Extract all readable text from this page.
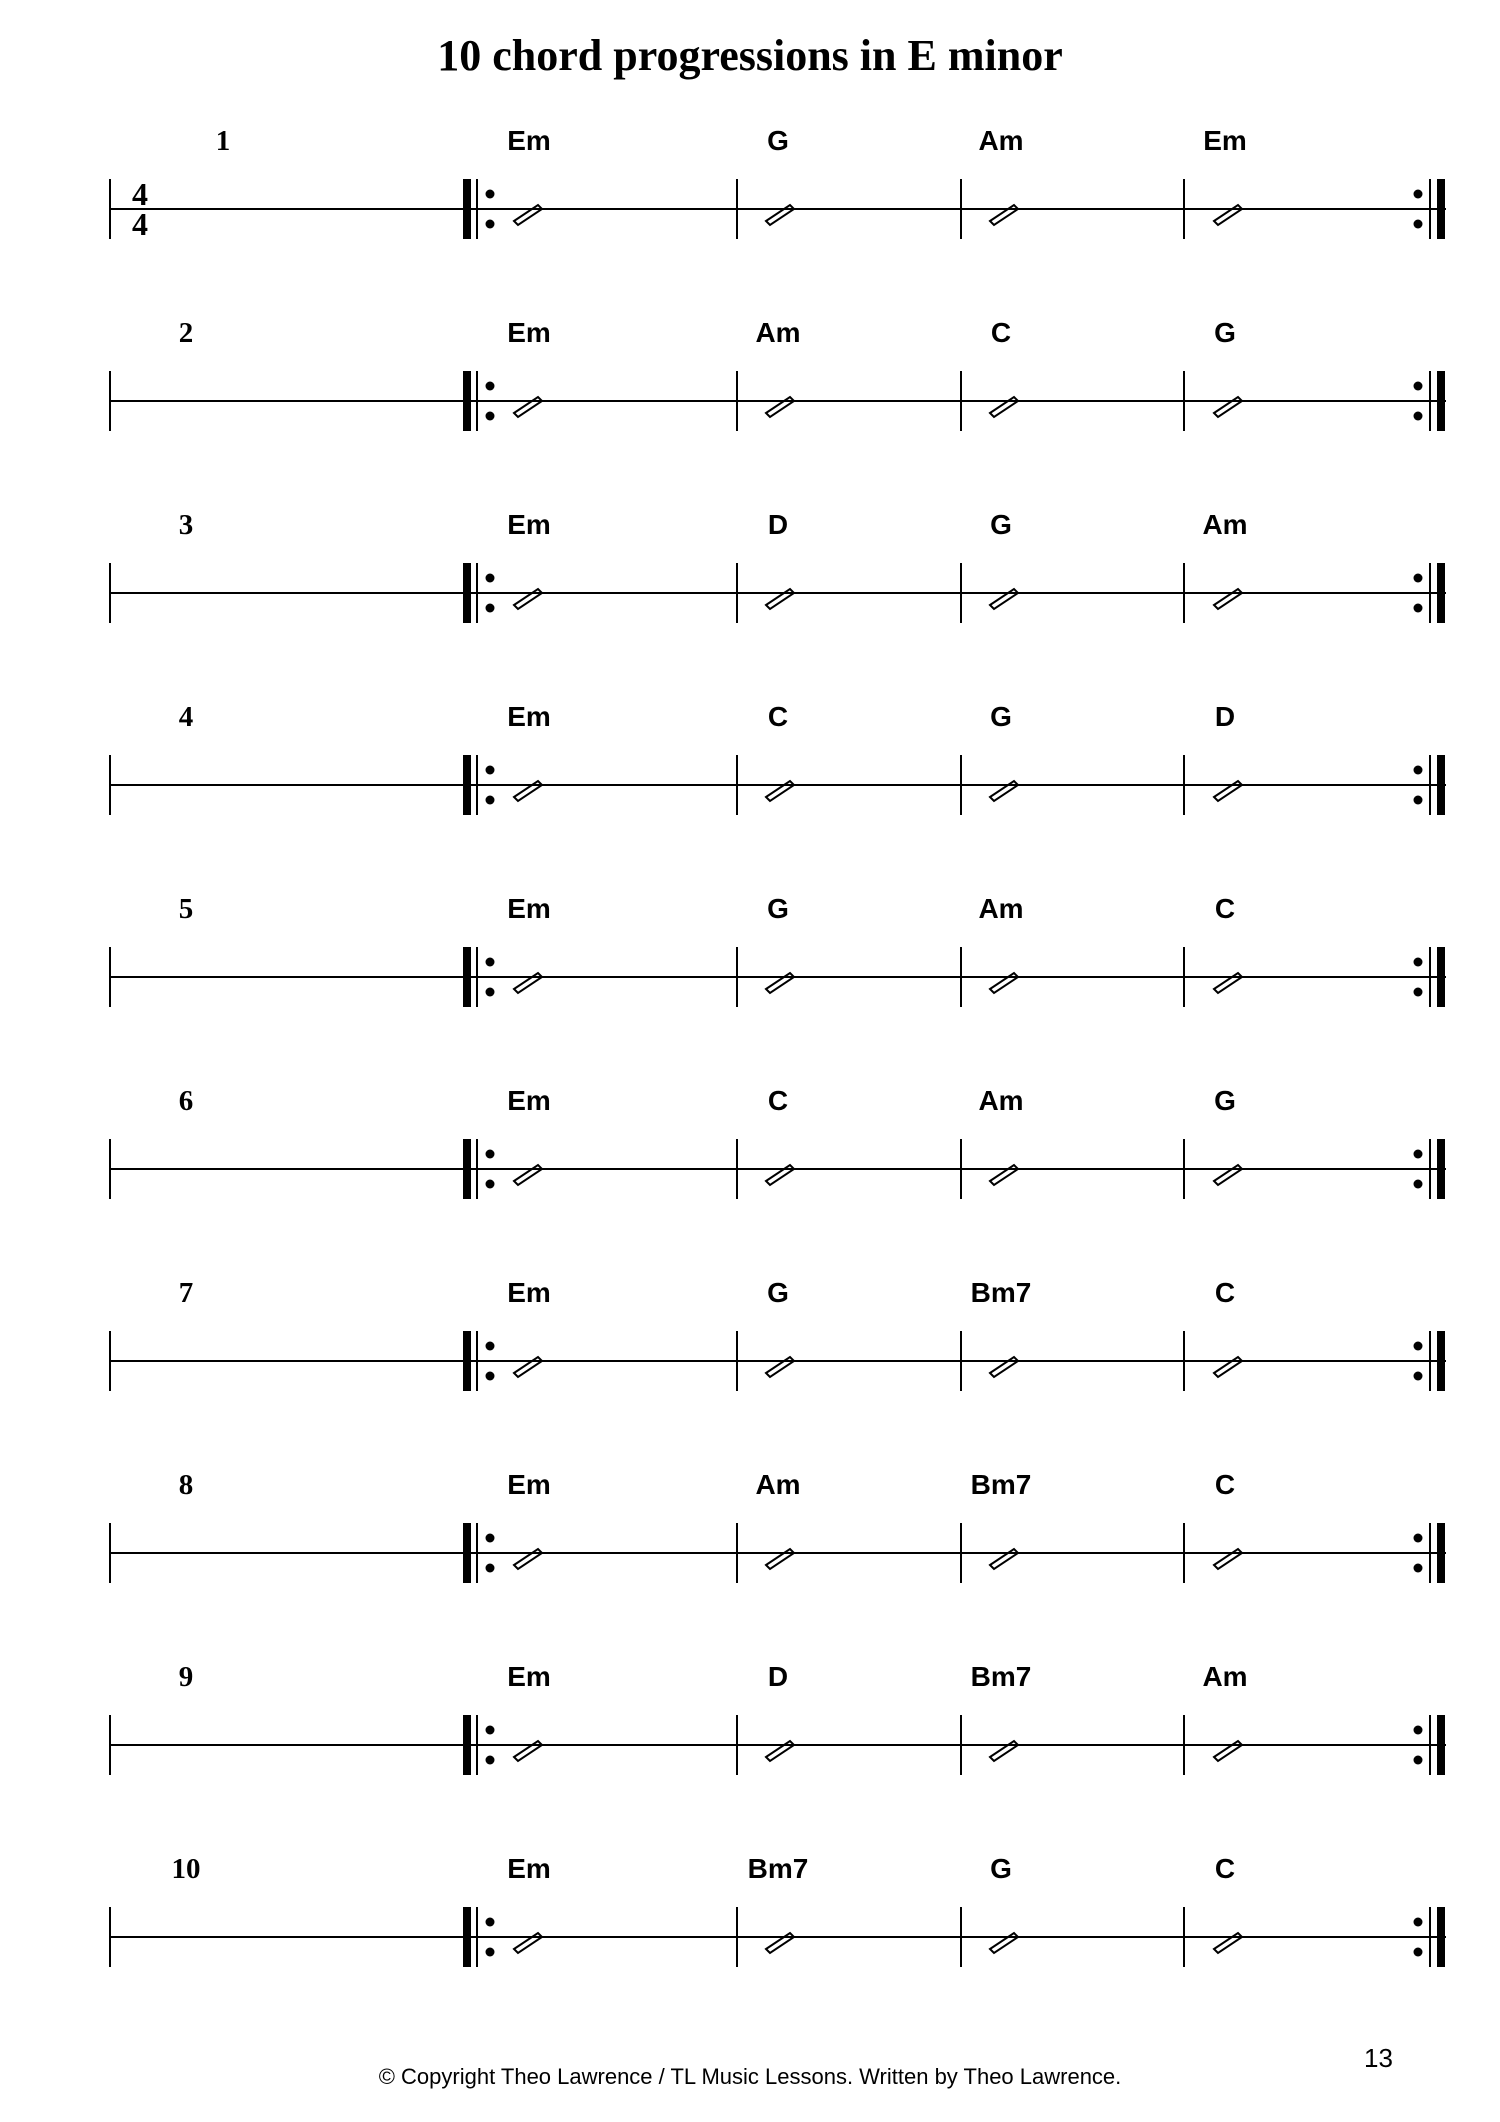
10 chord progressions in E minor
1	Em	G	Am	Em
4
4
2	Em	Am	C	G
3	Em	D	G	Am
4	Em	C	G	D
5	Em	G	Am	C
6	Em	C	Am	G
7	Em	G	Bm7	C
8	Em	Am	Bm7	C
9	Em	D	Bm7	Am
10	Em	Bm7	G	C
© Copyright Theo Lawrence / TL Music Lessons. Written by Theo Lawrence.
13
